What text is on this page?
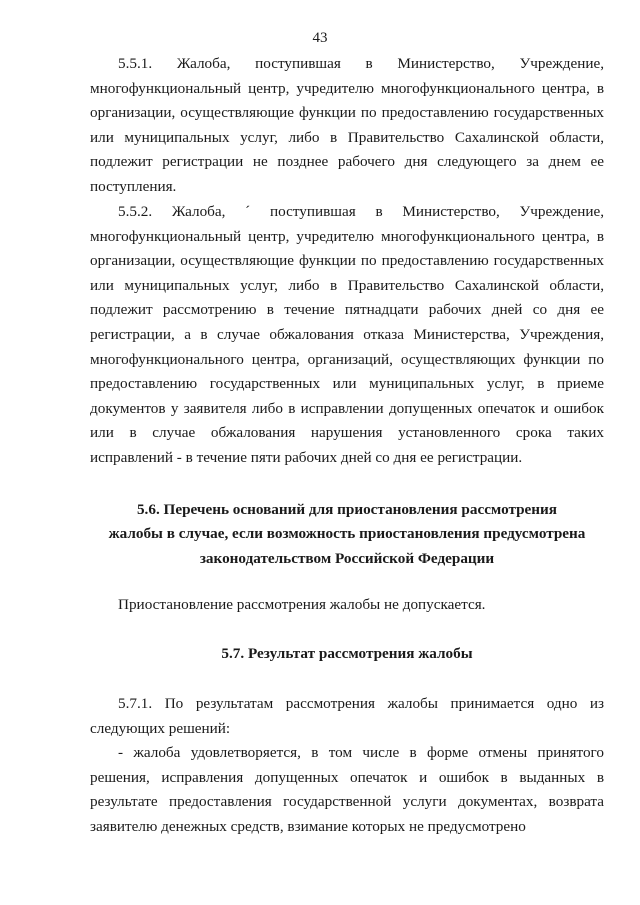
43

5.5.1. Жалоба, поступившая в Министерство, Учреждение, многофункциональный центр, учредителю многофункционального центра, в организации, осуществляющие функции по предоставлению государственных или муниципальных услуг, либо в Правительство Сахалинской области, подлежит регистрации не позднее рабочего дня следующего за днем ее поступления.

5.5.2. Жалоба, ´ поступившая в Министерство, Учреждение, многофункциональный центр, учредителю многофункционального центра, в организации, осуществляющие функции по предоставлению государственных или муниципальных услуг, либо в Правительство Сахалинской области, подлежит рассмотрению в течение пятнадцати рабочих дней со дня ее регистрации, а в случае обжалования отказа Министерства, Учреждения, многофункционального центра, организаций, осуществляющих функции по предоставлению государственных или муниципальных услуг, в приеме документов у заявителя либо в исправлении допущенных опечаток и ошибок или в случае обжалования нарушения установленного срока таких исправлений - в течение пяти рабочих дней со дня ее регистрации.

5.6. Перечень оснований для приостановления рассмотрения
жалобы в случае, если возможность приостановления предусмотрена
законодательством Российской Федерации

Приостановление рассмотрения жалобы не допускается.

5.7. Результат рассмотрения жалобы

5.7.1. По результатам рассмотрения жалобы принимается одно из следующих решений:

- жалоба удовлетворяется, в том числе в форме отмены принятого решения, исправления допущенных опечаток и ошибок в выданных в результате предоставления государственной услуги документах, возврата заявителю денежных средств, взимание которых не предусмотрено
